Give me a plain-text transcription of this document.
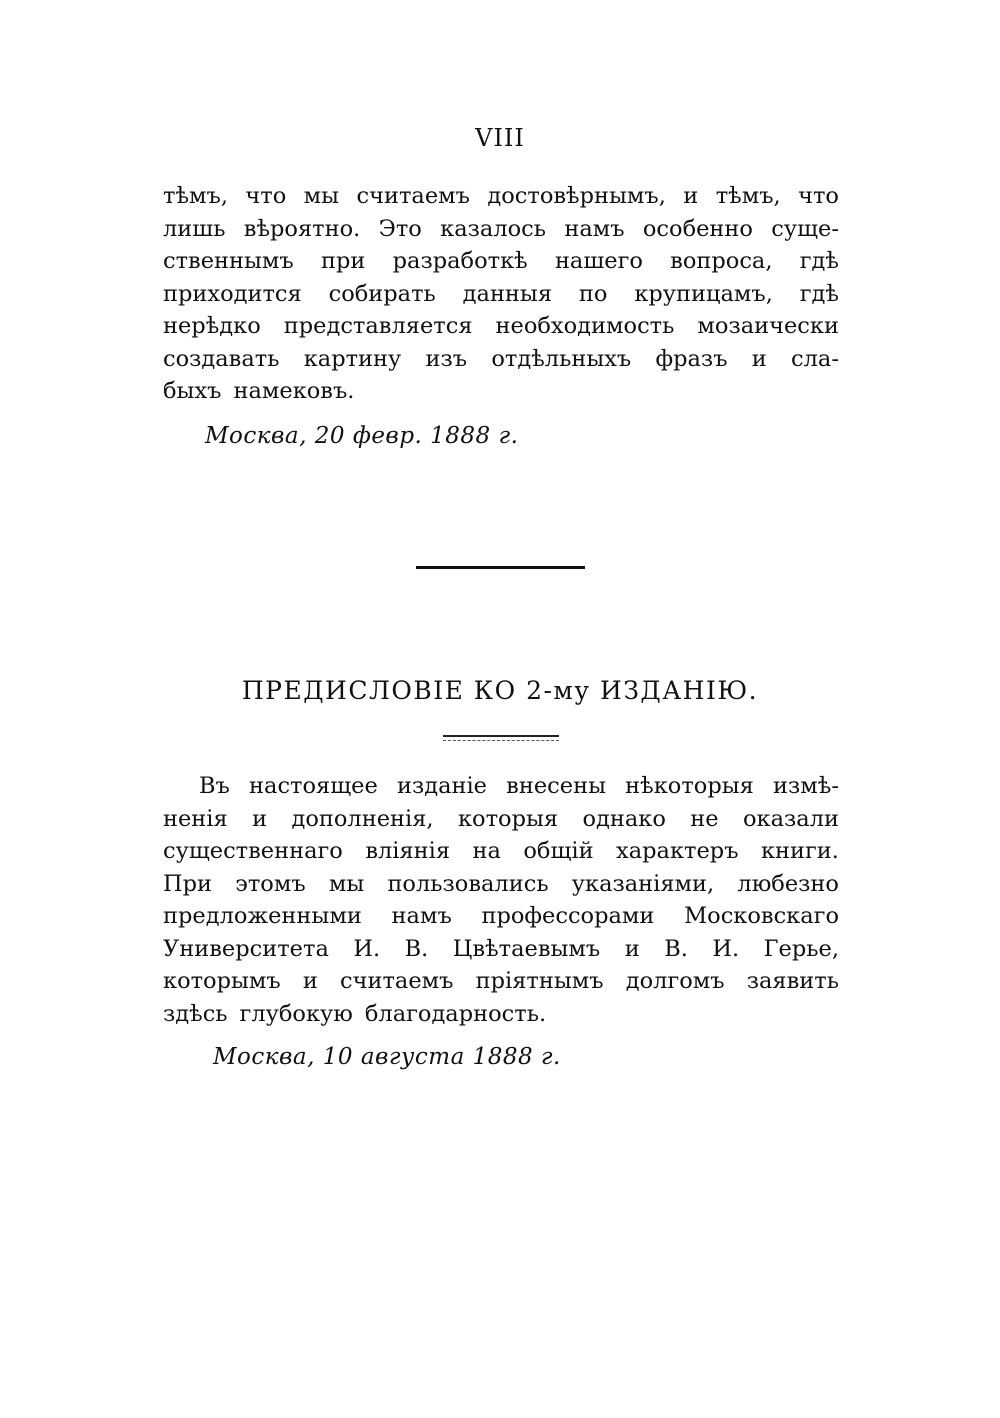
VIII
тѣмъ, что мы считаемъ достовѣрнымъ, и тѣмъ, что
лишь вѣроятно. Это казалось намъ особенно суще-
ственнымъ при разработкѣ нашего вопроса, гдѣ
приходится собирать данныя по крупицамъ, гдѣ
нерѣдко представляется необходимость мозаически
создавать картину изъ отдѣльныхъ фразъ и сла-
быхъ намековъ.
Москва, 20 февр. 1888 г.
ПРЕДИСЛОВІЕ КО 2-му ИЗДАНІЮ.
Въ настоящее изданіе внесены нѣкоторыя измѣ-
ненія и дополненія, которыя однако не оказали
существеннаго вліянія на общій характеръ книги.
При этомъ мы пользовались указаніями, любезно
предложенными намъ профессорами Московскаго
Университета И. В. Цвѣтаевымъ и В. И. Герье,
которымъ и считаемъ пріятнымъ долгомъ заявить
здѣсь глубокую благодарность.
Москва, 10 августа 1888 г.
